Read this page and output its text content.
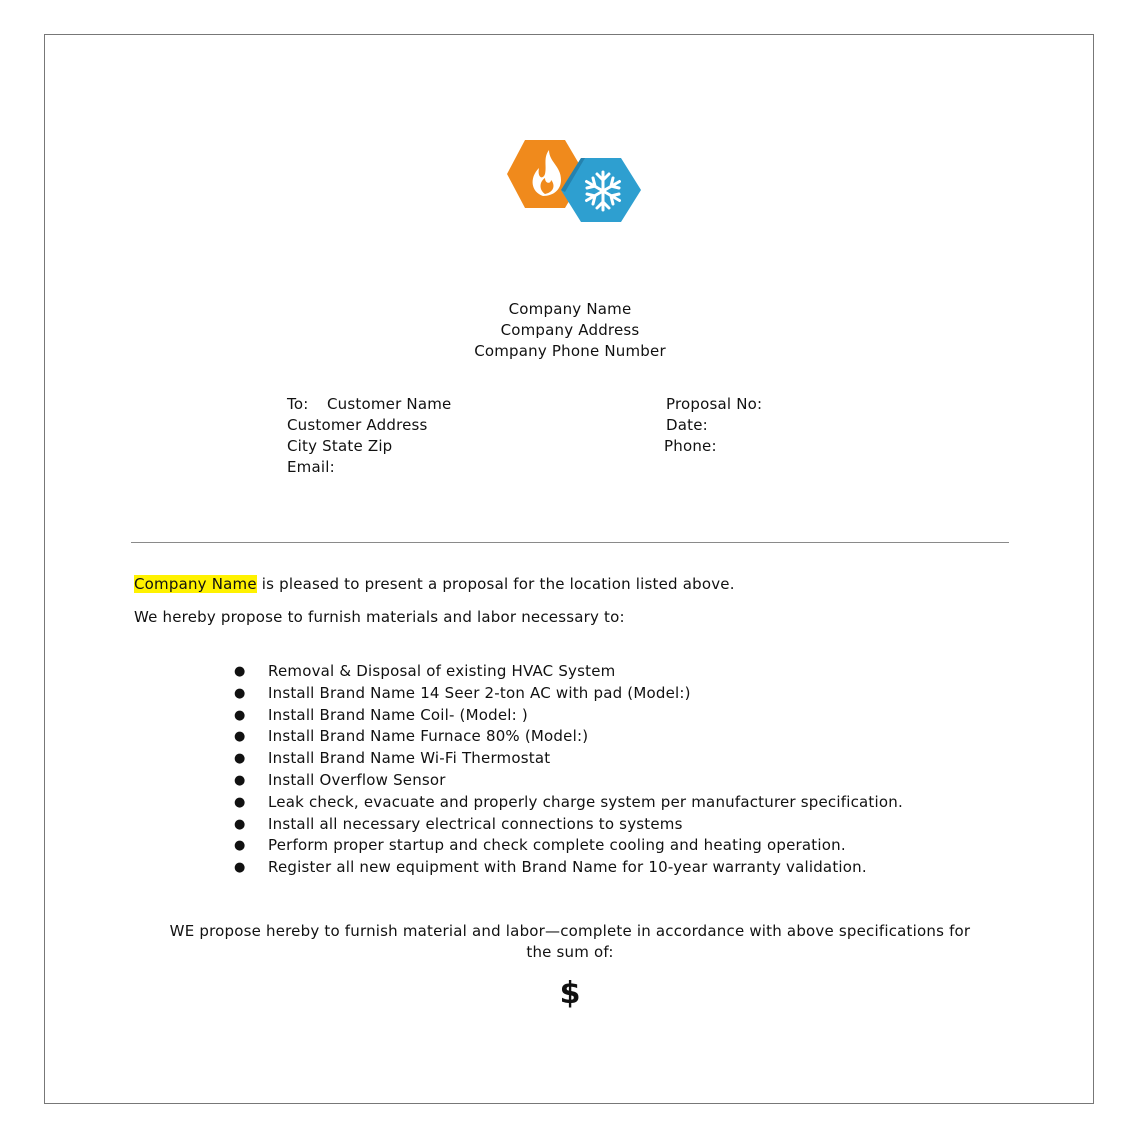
Company Name
Company Address
Company Phone Number
To: Customer Name
Customer Address
City State Zip
Email:
Proposal No:
Date:
Phone:
Company Name is pleased to present a proposal for the location listed above.
We hereby propose to furnish materials and labor necessary to:
● Removal & Disposal of existing HVAC System
● Install Brand Name 14 Seer 2-ton AC with pad (Model:)
● Install Brand Name Coil- (Model: )
● Install Brand Name Furnace 80% (Model:)
● Install Brand Name Wi-Fi Thermostat
● Install Overflow Sensor
● Leak check, evacuate and properly charge system per manufacturer specification.
● Install all necessary electrical connections to systems
● Perform proper startup and check complete cooling and heating operation.
● Register all new equipment with Brand Name for 10-year warranty validation.
WE propose hereby to furnish material and labor—complete in accordance with above specifications for
the sum of:
$
